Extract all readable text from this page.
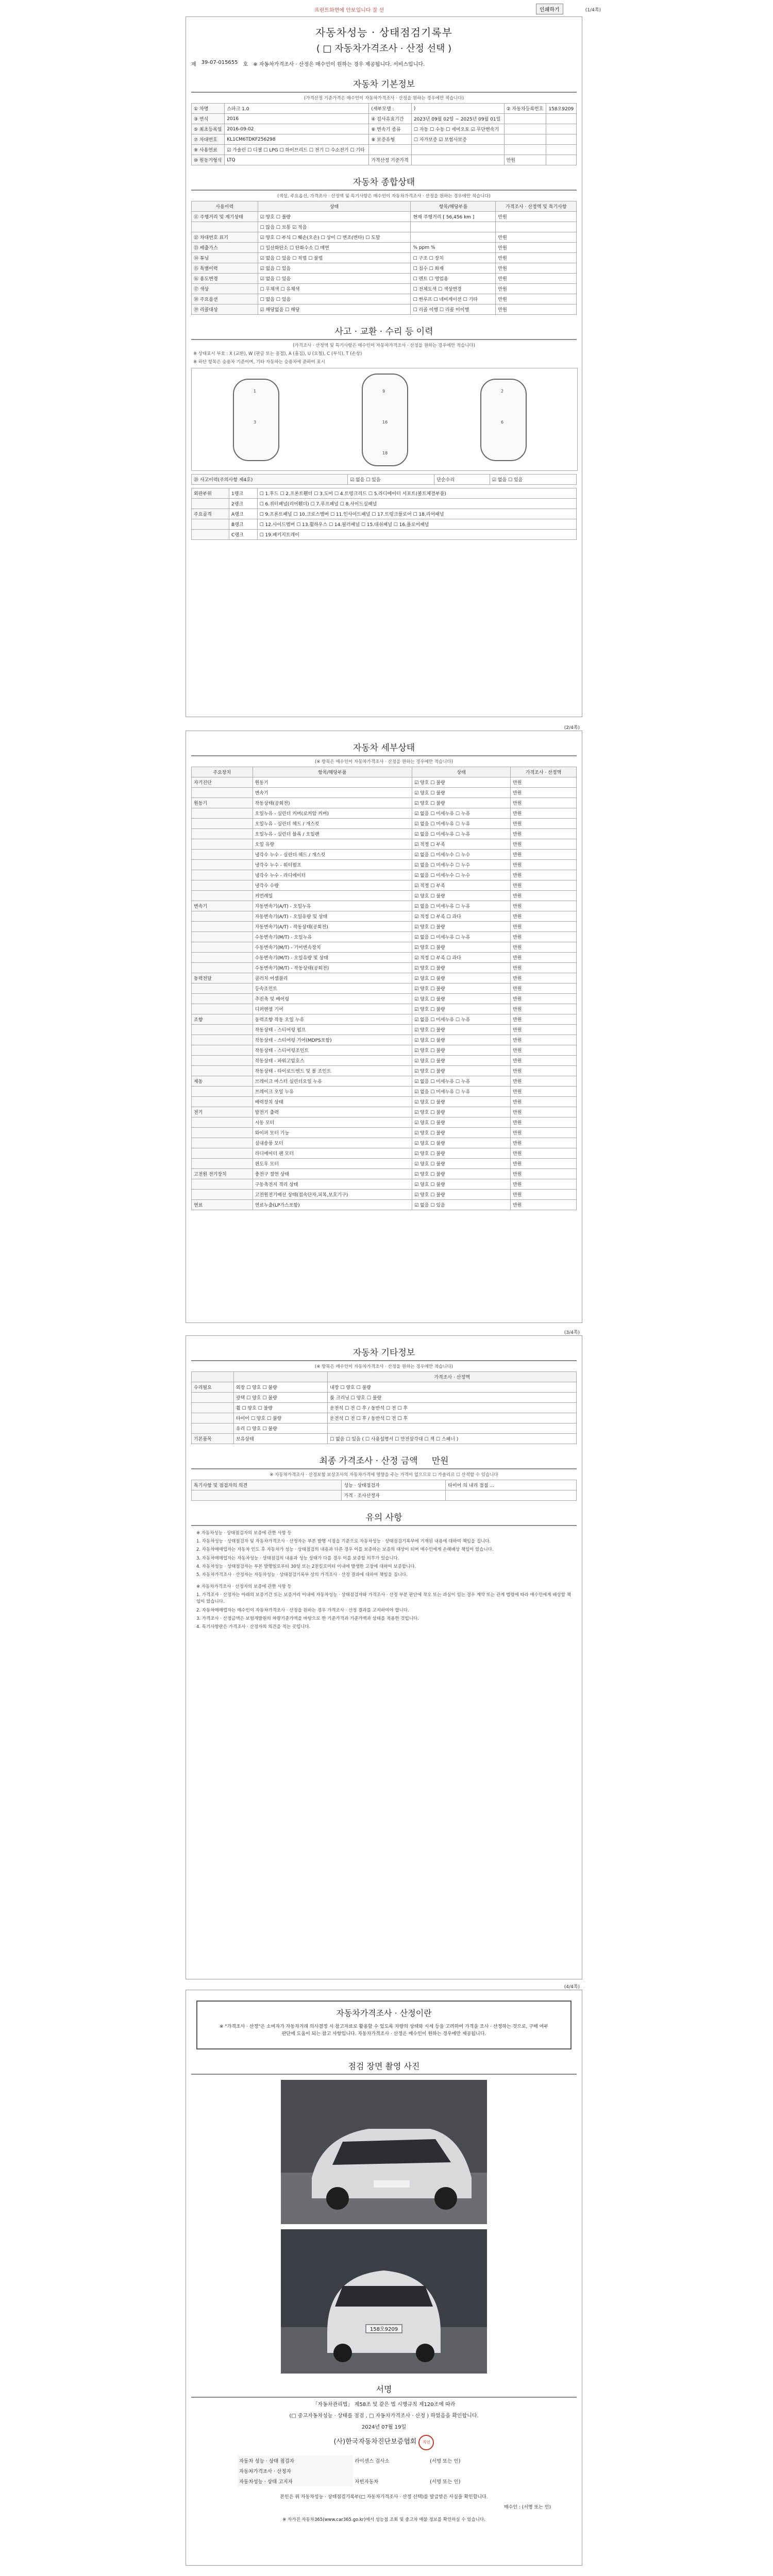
프린트화면에 안보입니다 잘 선	인쇄하기	(1/4쪽)
자동차성능 · 상태점검기록부
( □ 자동차가격조사 · 산정 선택 )
제 39-07-015655 호 ※ 자동차가격조사 · 산정은 매수인이 원하는 경우 제공됩니다. 서비스입니다.
자동차 기본정보
(가격산정 기준가격은 매수인이 자동차가격조사 · 산정을 원하는 경우에만 적습니다)
① 차명	스파크 1.0	(세부모델 :	)	② 자동차등록번호	158오9209
③ 연식	2016	④ 검사유효기간	2023년 09월 02일 ~ 2025년 09월 01일		
⑤ 최초등록일	2016-09-02	⑥ 변속기 종류	☐ 자동 ☐ 수동 ☐ 세미오토 ☑ 무단변속기		
⑦ 차대번호	KL1CM6TDKF256298	⑧ 보증유형	☐ 자가보증 ☑ 보험사보증		
⑨ 사용연료	☑ 가솔린 ☐ 디젤 ☐ LPG ☐ 하이브리드 ☐ 전기 ☐ 수소전기 ☐ 기타				
⑩ 원동기형식	LTQ	가격산정 기준가격		만원	
자동차 종합상태
(색상, 주요옵션, 가격조사 · 산정액 및 특기사항은 매수인이 자동차가격조사 · 산정을 원하는 경우에만 적습니다)
사용이력	상태	항목/해당부품	가격조사 · 산정액 및 특기사항
⑪ 주행거리 및 계기상태	☑ 양호 ☐ 불량	현재 주행거리 [ 56,456 km ]	만원
	☐ 많음 ☐ 보통 ☑ 적음		
⑫ 차대번호 표기	☑ 양호 ☐ 부식 ☐ 훼손(오손) ☐ 상이 ☐ 변조(변타) ☐ 도말		만원
⑬ 배출가스	☐ 일산화탄소 ☐ 탄화수소 ☐ 매연	% ppm %	만원
⑭ 튜닝	☑ 없음 ☐ 있음 ☐ 적법 ☐ 불법	☐ 구조 ☐ 장치	만원
⑮ 특별이력	☑ 없음 ☐ 있음	☐ 침수 ☐ 화재	만원
⑯ 용도변경	☑ 없음 ☐ 있음	☐ 렌트 ☐ 영업용	만원
⑰ 색상	☐ 무채색 ☐ 유채색	☐ 전체도색 ☐ 색상변경	만원
⑱ 주요옵션	☐ 없음 ☐ 있음	☐ 썬루프 ☐ 네비게이션 ☐ 기타	만원
⑲ 리콜대상	☑ 해당없음 ☐ 해당	☐ 리콜 이행 ☐ 리콜 미이행	만원
사고 · 교환 · 수리 등 이력
(가격조사 · 산정액 및 특기사항은 매수인이 자동차가격조사 · 산정을 원하는 경우에만 적습니다)
※ 상태표시 부호 : X (교환), W (판금 또는 용접), A (흠집), U (요철), C (부식), T (손상)
※ 하단 항목은 승용차 기준이며, 기타 자동차는 승용차에 준하여 표시
1
3
9
16
18
2
6
⑳ 사고이력(주의사항 제4호)	☑ 없음 ☐ 있음	단순수리	☑ 없음 ☐ 있음
외판부위	1랭크	☐ 1.후드 ☐ 2.프론트휀더 ☐ 3.도어 ☐ 4.트렁크리드 ☐ 5.라디에이터 서포트(볼트체결부품)
	2랭크	☐ 6.쿼터패널(리어휀더) ☐ 7.루프패널 ☐ 8.사이드실패널
주요골격	A랭크	☐ 9.프론트패널 ☐ 10.크로스멤버 ☐ 11.인사이드패널 ☐ 17.트렁크플로어 ☐ 18.리어패널
	B랭크	☐ 12.사이드멤버 ☐ 13.휠하우스 ☐ 14.필러패널 ☐ 15.대쉬패널 ☐ 16.플로어패널
	C랭크	☐ 19.패키지트레이
(2/4쪽)
자동차 세부상태
(※ 항목은 매수인이 자동차가격조사 · 산정을 원하는 경우에만 적습니다)
주요장치	항목/해당부품	상태	가격조사 · 산정액
자기진단	원동기	☑ 양호 ☐ 불량	만원
	변속기	☑ 양호 ☐ 불량	만원
원동기	작동상태(공회전)	☑ 양호 ☐ 불량	만원
	오일누유 - 실린더 커버(로커암 커버)	☑ 없음 ☐ 미세누유 ☐ 누유	만원
	오일누유 - 실린더 헤드 / 개스킷	☑ 없음 ☐ 미세누유 ☐ 누유	만원
	오일누유 - 실린더 블록 / 오일팬	☑ 없음 ☐ 미세누유 ☐ 누유	만원
	오일 유량	☑ 적정 ☐ 부족	만원
	냉각수 누수 - 실린더 헤드 / 개스킷	☑ 없음 ☐ 미세누수 ☐ 누수	만원
	냉각수 누수 - 워터펌프	☑ 없음 ☐ 미세누수 ☐ 누수	만원
	냉각수 누수 - 라디에이터	☑ 없음 ☐ 미세누수 ☐ 누수	만원
	냉각수 수량	☑ 적정 ☐ 부족	만원
	커먼레일	☑ 양호 ☐ 불량	만원
변속기	자동변속기(A/T) - 오일누유	☑ 없음 ☐ 미세누유 ☐ 누유	만원
	자동변속기(A/T) - 오일유량 및 상태	☑ 적정 ☐ 부족 ☐ 과다	만원
	자동변속기(A/T) - 작동상태(공회전)	☑ 양호 ☐ 불량	만원
	수동변속기(M/T) - 오일누유	☑ 없음 ☐ 미세누유 ☐ 누유	만원
	수동변속기(M/T) - 기어변속장치	☑ 양호 ☐ 불량	만원
	수동변속기(M/T) - 오일유량 및 상태	☑ 적정 ☐ 부족 ☐ 과다	만원
	수동변속기(M/T) - 작동상태(공회전)	☑ 양호 ☐ 불량	만원
동력전달	클러치 어셈블리	☑ 양호 ☐ 불량	만원
	등속조인트	☑ 양호 ☐ 불량	만원
	추진축 및 베어링	☑ 양호 ☐ 불량	만원
	디퍼렌셜 기어	☑ 양호 ☐ 불량	만원
조향	동력조향 작동 오일 누유	☑ 없음 ☐ 미세누유 ☐ 누유	만원
	작동상태 - 스티어링 펌프	☑ 양호 ☐ 불량	만원
	작동상태 - 스티어링 기어(MDPS포함)	☑ 양호 ☐ 불량	만원
	작동상태 - 스티어링조인트	☑ 양호 ☐ 불량	만원
	작동상태 - 파워고압호스	☑ 양호 ☐ 불량	만원
	작동상태 - 타이로드엔드 및 볼 조인트	☑ 양호 ☐ 불량	만원
제동	브레이크 마스터 실린더오일 누유	☑ 없음 ☐ 미세누유 ☐ 누유	만원
	브레이크 오일 누유	☑ 없음 ☐ 미세누유 ☐ 누유	만원
	배력장치 상태	☑ 양호 ☐ 불량	만원
전기	발전기 출력	☑ 양호 ☐ 불량	만원
	시동 모터	☑ 양호 ☐ 불량	만원
	와이퍼 모터 기능	☑ 양호 ☐ 불량	만원
	실내송풍 모터	☑ 양호 ☐ 불량	만원
	라디에이터 팬 모터	☑ 양호 ☐ 불량	만원
	윈도우 모터	☑ 양호 ☐ 불량	만원
고전원 전기장치	충전구 절연 상태	☑ 양호 ☐ 불량	만원
	구동축전지 격리 상태	☑ 양호 ☐ 불량	만원
	고전원전기배선 상태(접속단자,피복,보호기구)	☑ 양호 ☐ 불량	만원
연료	연료누출(LP가스포함)	☑ 없음 ☐ 있음	만원
(3/4쪽)
자동차 기타정보
(※ 항목은 매수인이 자동차가격조사 · 산정을 원하는 경우에만 적습니다)
		가격조사 · 산정액
수리필요	외장 ☐ 양호 ☐ 불량	내장 ☐ 양호 ☐ 불량
	광택 ☐ 양호 ☐ 불량	룸 크리닝 ☐ 양호 ☐ 불량
	휠 ☐ 양호 ☐ 불량	운전석 ☐ 전 ☐ 후 / 동반석 ☐ 전 ☐ 후
	타이어 ☐ 양호 ☐ 불량	운전석 ☐ 전 ☐ 후 / 동반석 ☐ 전 ☐ 후
	유리 ☐ 양호 ☐ 불량	
기본품목	보유상태	☐ 없음 ☐ 있음 ( ☐ 사용설명서 ☐ 안전삼각대 ☐ 잭 ☐ 스패너 )
최종 가격조사 · 산정 금액 만원
※ 자동차가격조사 · 산정보험 보상조사의 자동차가격에 영향을 주는 가격이 없으므로 ☐ 가솔리르 ☐ 산적합 수 있습니다
특기사항 및 점검자의 의견	성능 · 상태점검자	타이어 의 내리 점점 ...
	가격 · 조사산정자	
유의 사항

※ 자동차성능 · 상태점검자의 보증에 관한 사항 등

1. 자동차성능 · 상태점검자 및 자동차가격조사 · 산정자는 부본 발행 시점을 기준으로 자동차성능 · 상태점검기록부에 기재된 내용에 대하여 책임을 집니다.

2. 자동차매매업자는 자동차 인도 후 자동차가 성능 · 상태점검의 내용과 다른 경우 이를 보증하는 보증의 대상이 되며 매수인에게 손해배상 책임이 있습니다.

3. 자동차매매업자는 자동차성능 · 상태점검의 내용과 성능 상태가 다를 경우 이를 보증할 의무가 있습니다.

4. 자동차성능 · 상태점검자는 부본 발행일로부터 30일 또는 2천킬로미터 이내에 발생한 고장에 대하여 보증합니다.

5. 자동차가격조사 · 산정자는 자동차성능 · 상태점검기록부 상의 가격조사 · 산정 결과에 대하여 책임을 집니다.

※ 자동차가격조사 · 산정자의 보증에 관한 사항 등

1. 가격조사 · 산정자는 아래의 보증기간 또는 보증거리 이내에 자동차성능 · 상태점검자와 가격조사 · 산정 부분 판단에 착오 또는 과실이 있는 경우 계약 또는 관계 법령에 따라 매수인에게 배상할 책임이 있습니다.

2. 자동차매매업자는 매수인이 자동차가격조사 · 산정을 원하는 경우 가격조사 · 산정 결과를 고지하여야 합니다.

3. 가격조사 · 산정금액은 보험개발원의 차량기준가액을 바탕으로 한 기준가격과 기준가액과 상태를 적용한 것입니다.

4. 특기사항란은 가격조사 · 산정자의 의견을 적는 곳입니다.

(4/4쪽)
자동차가격조사 · 산정이란
※ "가격조사 · 산정"은 소비자가 자동차거래 의사결정 시 참고자료로 활용할 수 있도록 차량의 상태와 시세 등을 고려하여 가격을 조사 · 산정하는 것으로, 구매 여부 판단에 도움이 되는 참고 사항입니다. 자동차가격조사 · 산정은 매수인이 원하는 경우에만 제공됩니다.
점검 장면 촬영 사진
158오9209
서명
「자동차관리법」 제58조 및 같은 법 시행규칙 제120조에 따라
(□ 중고자동차성능 · 상태를 점검 , □ 자동차가격조사 · 산정 ) 하였음을 확인합니다.
2024년 07월 19일
(사)한국자동차진단보증협회 직인
자동차 성능 · 상태 점검자	라이센스 검사소	(서명 또는 인)
자동차가격조사 · 산정자		
자동차성능 · 상태 고지자	자빈자동차	(서명 또는 인)
본인은 위 자동차성능 · 상태점검기록부(□ 자동차가격조사 · 산정 선택)를 발급받은 사실을 확인합니다.
매수인 : (서명 또는 인)
※ 자가진 자동차365(www.car365.go.kr)에서 성능점 조회 및 중고차 매물 정보를 확인하실 수 있습니다.
